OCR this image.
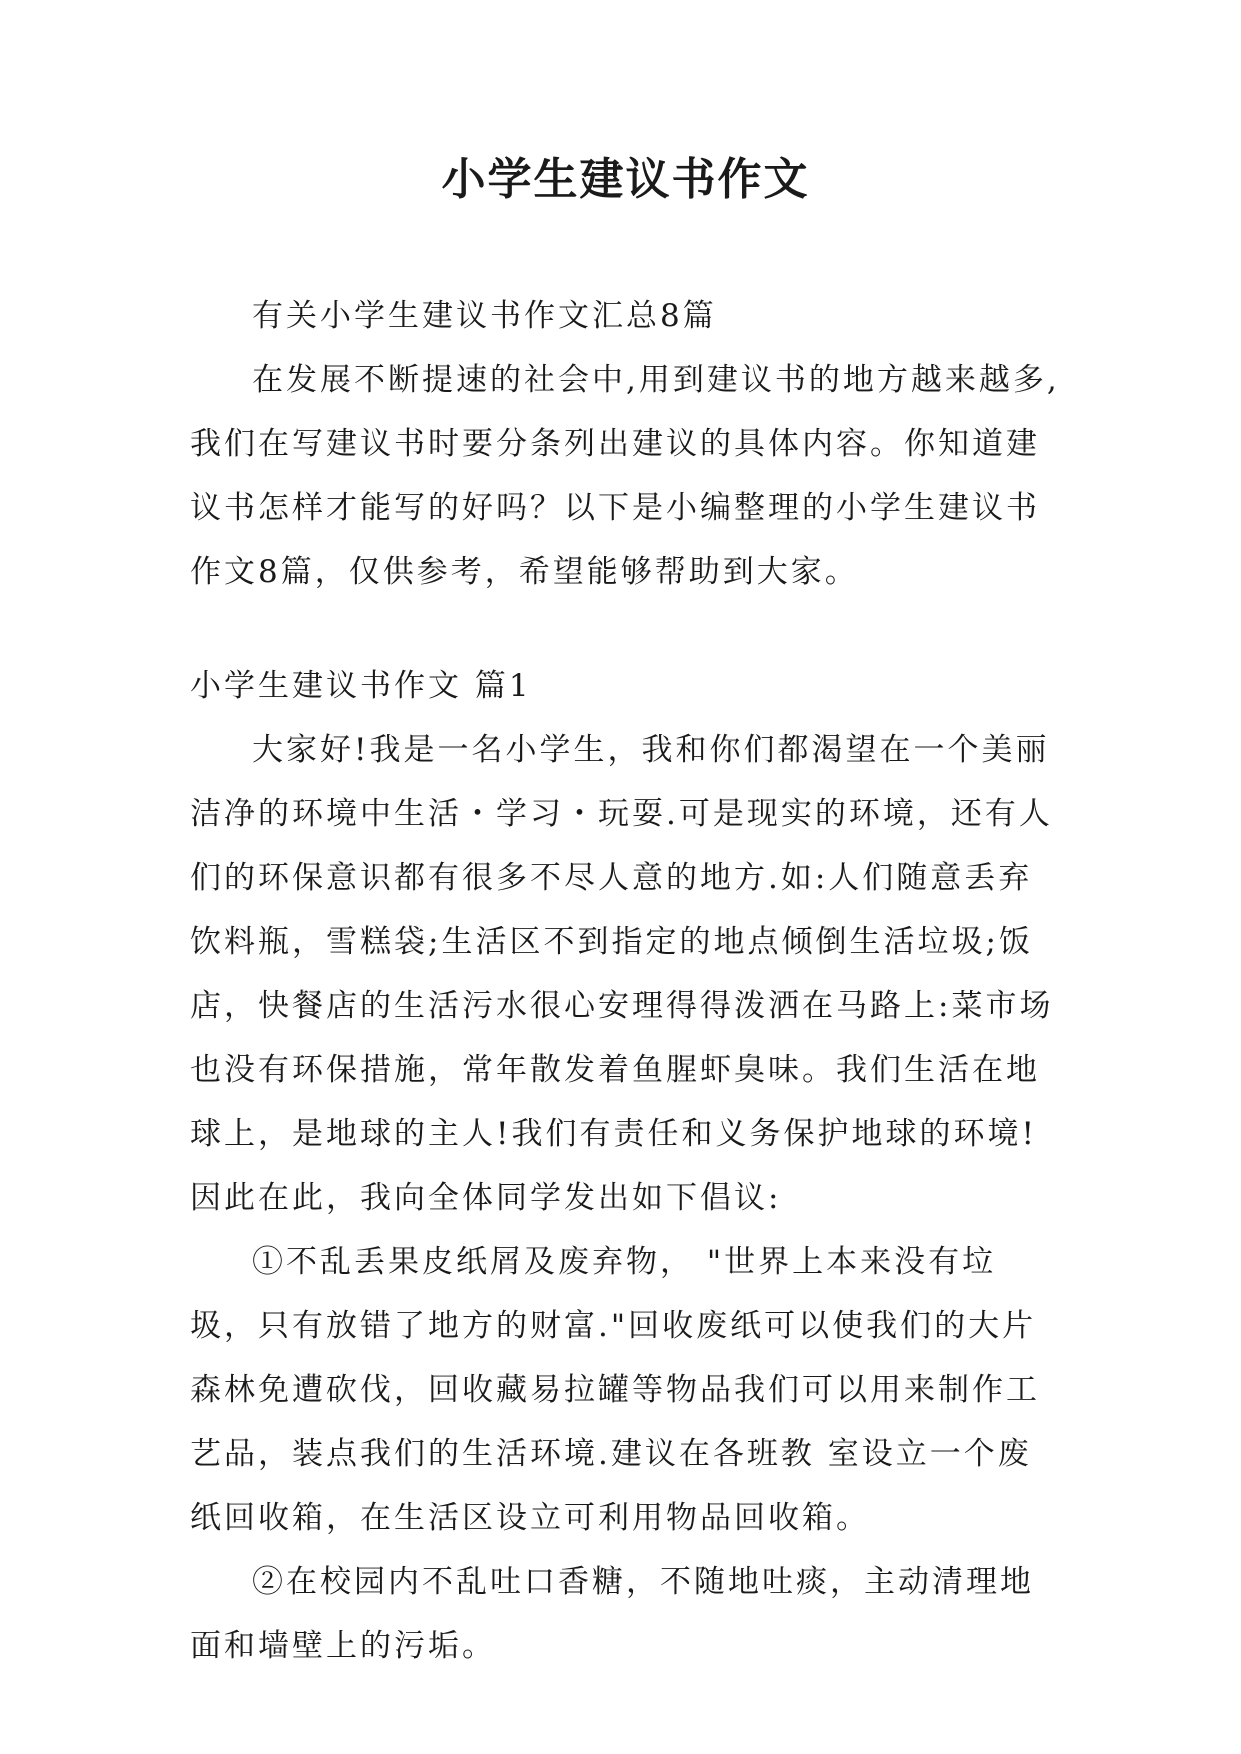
小学生建议书作文

有关小学生建议书作文汇总8篇

在发展不断提速的社会中,用到建议书的地方越来越多,我们在写建议书时要分条列出建议的具体内容。你知道建议书怎样才能写的好吗？以下是小编整理的小学生建议书作文8篇，仅供参考，希望能够帮助到大家。

小学生建议书作文 篇1

大家好!我是一名小学生，我和你们都渴望在一个美丽洁净的环境中生活・学习・玩耍.可是现实的环境，还有人们的环保意识都有很多不尽人意的地方.如:人们随意丢弃饮料瓶，雪糕袋;生活区不到指定的地点倾倒生活垃圾;饭店，快餐店的生活污水很心安理得得泼洒在马路上:菜市场也没有环保措施，常年散发着鱼腥虾臭味。我们生活在地球上，是地球的主人!我们有责任和义务保护地球的环境!因此在此，我向全体同学发出如下倡议:

①不乱丢果皮纸屑及废弃物， "世界上本来没有垃圾，只有放错了地方的财富."回收废纸可以使我们的大片森林免遭砍伐，回收藏易拉罐等物品我们可以用来制作工艺品，装点我们的生活环境.建议在各班教 室设立一个废纸回收箱，在生活区设立可利用物品回收箱。

②在校园内不乱吐口香糖，不随地吐痰，主动清理地面和墙壁上的污垢。
